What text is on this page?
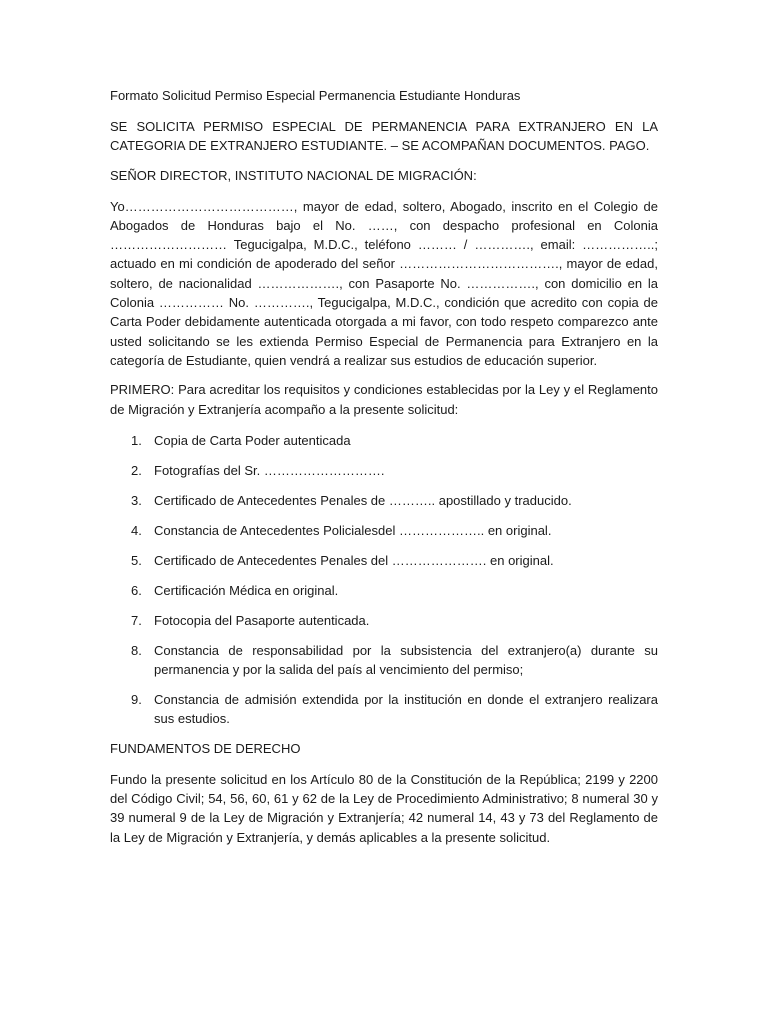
Formato Solicitud Permiso Especial Permanencia Estudiante Honduras

SE SOLICITA PERMISO ESPECIAL DE PERMANENCIA PARA EXTRANJERO EN LA CATEGORIA DE EXTRANJERO ESTUDIANTE. – SE ACOMPAÑAN DOCUMENTOS. PAGO.

SEÑOR DIRECTOR, INSTITUTO NACIONAL DE MIGRACIÓN:

Yo…………………………………, mayor de edad, soltero, Abogado, inscrito en el Colegio de Abogados de Honduras bajo el No. ……, con despacho profesional en Colonia ……………………… Tegucigalpa, M.D.C., teléfono ……… / …………., email: ……………..; actuado en mi condición de apoderado del señor ………………………………., mayor de edad, soltero, de nacionalidad ………………., con Pasaporte No. ……………., con domicilio en la Colonia …………… No. …………., Tegucigalpa, M.D.C., condición que acredito con copia de Carta Poder debidamente autenticada otorgada a mi favor, con todo respeto comparezco ante usted solicitando se les extienda Permiso Especial de Permanencia para Extranjero en la categoría de Estudiante, quien vendrá a realizar sus estudios de educación superior.

PRIMERO: Para acreditar los requisitos y condiciones establecidas por la Ley y el Reglamento de Migración y Extranjería acompaño a la presente solicitud:

1. Copia de Carta Poder autenticada
2. Fotografías del Sr. ……………………….
3. Certificado de Antecedentes Penales de ……….. apostillado y traducido.
4. Constancia de Antecedentes Policialesdel ……………….. en original.
5. Certificado de Antecedentes Penales del …………………. en original.
6. Certificación Médica en original.
7. Fotocopia del Pasaporte autenticada.
8. Constancia de responsabilidad por la subsistencia del extranjero(a) durante su permanencia y por la salida del país al vencimiento del permiso;
9. Constancia de admisión extendida por la institución en donde el extranjero realizara sus estudios.

FUNDAMENTOS DE DERECHO

Fundo la presente solicitud en los Artículo 80 de la Constitución de la República; 2199 y 2200 del Código Civil; 54, 56, 60, 61 y 62 de la Ley de Procedimiento Administrativo; 8 numeral 30 y 39 numeral 9 de la Ley de Migración y Extranjería; 42 numeral 14, 43 y 73 del Reglamento de la Ley de Migración y Extranjería, y demás aplicables a la presente solicitud.
